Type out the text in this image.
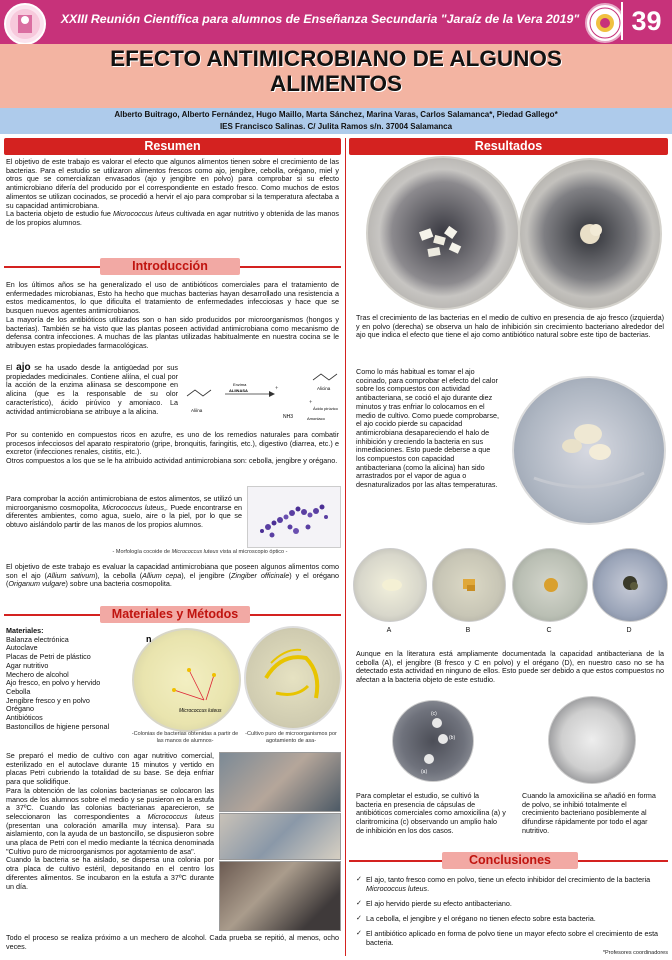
XXIII Reunión Científica para alumnos de Enseñanza Secundaria "Jaraíz de la Vera 2019"	39
EFECTO ANTIMICROBIANO DE ALGUNOS
ALIMENTOS
Alberto Buitrago, Alberto Fernández, Hugo Maillo, Marta Sánchez, Marina Varas, Carlos Salamanca*, Piedad Gallego*
IES Francisco Salinas. C/ Julita Ramos s/n. 37004 Salamanca
Resumen
El objetivo de este trabajo es valorar el efecto que algunos alimentos tienen sobre el crecimiento de las bacterias. Para el estudio se utilizaron alimentos frescos como ajo, jengibre, cebolla, orégano, miel y otros que se comercializan envasados (ajo y jengibre en polvo) para comprobar si su efecto antimicrobiano difería del producido por el correspondiente en estado fresco. Como muchos de estos alimentos se utilizan cocinados, se procedió a hervir el ajo para comprobar si la temperatura afectaba a su capacidad antimicrobiana.
La bacteria objeto de estudio fue Micrococcus luteus cultivada en agar nutritivo y obtenida de las manos de los propios alumnos.
Introducción
En los últimos años se ha generalizado el uso de antibióticos comerciales para el tratamiento de enfermedades microbianas, Esto ha hecho que muchas bacterias hayan desarrollado una resistencia a estos medicamentos, lo que dificulta el tratamiento de enfermedades infecciosas y hace que se busquen nuevos agentes antimicrobianos.
La mayoría de los antibióticos utilizados son o han sido producidos por microorganismos (hongos y bacterias). También se ha visto que las plantas poseen actividad antimicrobiana como mecanismo de defensa contra infecciones. A muchas de las plantas utilizadas habitualmente en nuestra cocina se le atribuyen estas propiedades farmacológicas.
El ajo se ha usado desde la antigüedad por sus propiedades medicinales. Contiene aliína, el cual por la acción de la enzima aliinasa se descompone en alicina (que es la responsable de su olor característico), ácido pirúvico y amoniaco. La actividad antimicrobiana se atribuye a la alicina.
+
+
NH3
Aliína
Enzima
ALIINASA	Alicina
Ácido pirúvico
Amoniaco
Por su contenido en compuestos ricos en azufre, es uno de los remedios naturales para combatir procesos infecciosos del aparato respiratorio (gripe, bronquitis, faringitis, etc.), digestivo (diarrea, etc.) e excretor (infecciones renales, cistitis, etc.).
Otros compuestos a los que se le ha atribuido actividad antimicrobiana son: cebolla, jengibre y orégano.
Para comprobar la acción antimicrobiana de estos alimentos, se utilizó un microorganismo cosmopolita, Micrococcus luteus,. Puede encontrarse en diferentes ambientes, como agua, suelo, aire o la piel, por lo que se obtuvo aislándolo partir de las manos de los propios alumnos.
- Morfología cocoide de Micrococcus luteus vista al microscopio óptico -
El objetivo de este trabajo es evaluar la capacidad antimicrobiana que poseen algunos alimentos como son el ajo (Allium sativum), la cebolla (Allium cepa), el jengibre (Zingiber officinale) y el orégano (Origanum vulgare) sobre una bacteria cosmopolita.
Materiales y Métodos
Materiales:
Balanza electrónica
Autoclave
Placas de Petri de plástico
Agar nutritivo
Mechero de alcohol
Ajo fresco, en polvo y hervido
Cebolla
Jengibre fresco y en polvo
Orégano
Antibióticos
Bastoncillos de higiene personal
Micrococcus luteus
n
-Colonias de bacterias obtenidas a partir de las manos de alumnos-
-Cultivo puro de microorganismos por agotamiento de asa-
Se preparó el medio de cultivo con agar nutritivo comercial, esterilizado en el autoclave durante 15 minutos y vertido en placas Petri cubriendo la totalidad de su base. Se deja enfriar para que solidifique.
Para la obtención de las colonias bacterianas se colocaron las manos de los alumnos sobre el medio y se pusieron en la estufa a 37ºC. Cuando las colonias bacterianas aparecieron, se seleccionaron las correspondientes a Micrococcus luteus (presentan una coloración amarilla muy intensa). Para su aislamiento, con la ayuda de un bastoncillo, se dispusieron sobre una placa de Petri con el medio mediante la técnica denominada "Cultivo puro de microorganismos por agotamiento de asa".
Cuando la bacteria se ha aislado, se dispersa una colonia por otra placa de cultivo estéril, depositando en el centro los diferentes alimentos. Se incubaron en la estufa a 37ºC durante un día.
Todo el proceso se realiza próximo a un mechero de alcohol. Cada prueba se repitió, al menos, ocho veces.
Resultados
Tras el crecimiento de las bacterias en el medio de cultivo en presencia de ajo fresco (izquierda) y en polvo (derecha) se observa un halo de inhibición sin crecimiento bacteriano alrededor del ajo que indica el efecto que tiene el ajo como antibiótico natural sobre este tipo de bacterias.
Como lo más habitual es tomar el ajo cocinado, para comprobar el efecto del calor sobre los compuestos con actividad antibacteriana, se coció el ajo durante diez minutos y tras enfriar lo colocamos en el medio de cultivo. Como puede comprobarse, el ajo cocido pierde su capacidad antimicrobiana desapareciendo el halo de inhibición y creciendo la bacteria en sus inmediaciones. Esto puede deberse a que los compuestos con capacidad antibacteriana (como la alicina) han sido arrastrados por el vapor de agua o desnaturalizados por las altas temperaturas.
A	B	C	D
Aunque en la literatura está ampliamente documentada la capacidad antibacteriana de la cebolla (A), el jengibre (B fresco y C en polvo) y el orégano (D), en nuestro caso no se ha detectado esta actividad en ninguno de ellos. Esto puede ser debido a que estos compuestos no afectan a la bacteria objeto de este estudio.
(c)
(b)
(a)
Para completar el estudio, se cultivó la bacteria en presencia de cápsulas de antibióticos comerciales como amoxicilina (a) y claritromicina (c) observando un amplio halo de inhibición en los dos casos.
Cuando la amoxicilina se añadió en forma de polvo, se inhibió totalmente el crecimiento bacteriano posiblemente al difundirse rápidamente por todo el agar nutritivo.
Conclusiones
✓ El ajo, tanto fresco como en polvo, tiene un efecto inhibidor del crecimiento de la bacteria Micrococcus luteus.
✓ El ajo hervido pierde su efecto antibacteriano.
✓ La cebolla, el jengibre y el orégano no tienen efecto sobre esta bacteria.
✓ El antibiótico aplicado en forma de polvo tiene un mayor efecto sobre el crecimiento de esta bacteria.
*Profesores coordinadores
